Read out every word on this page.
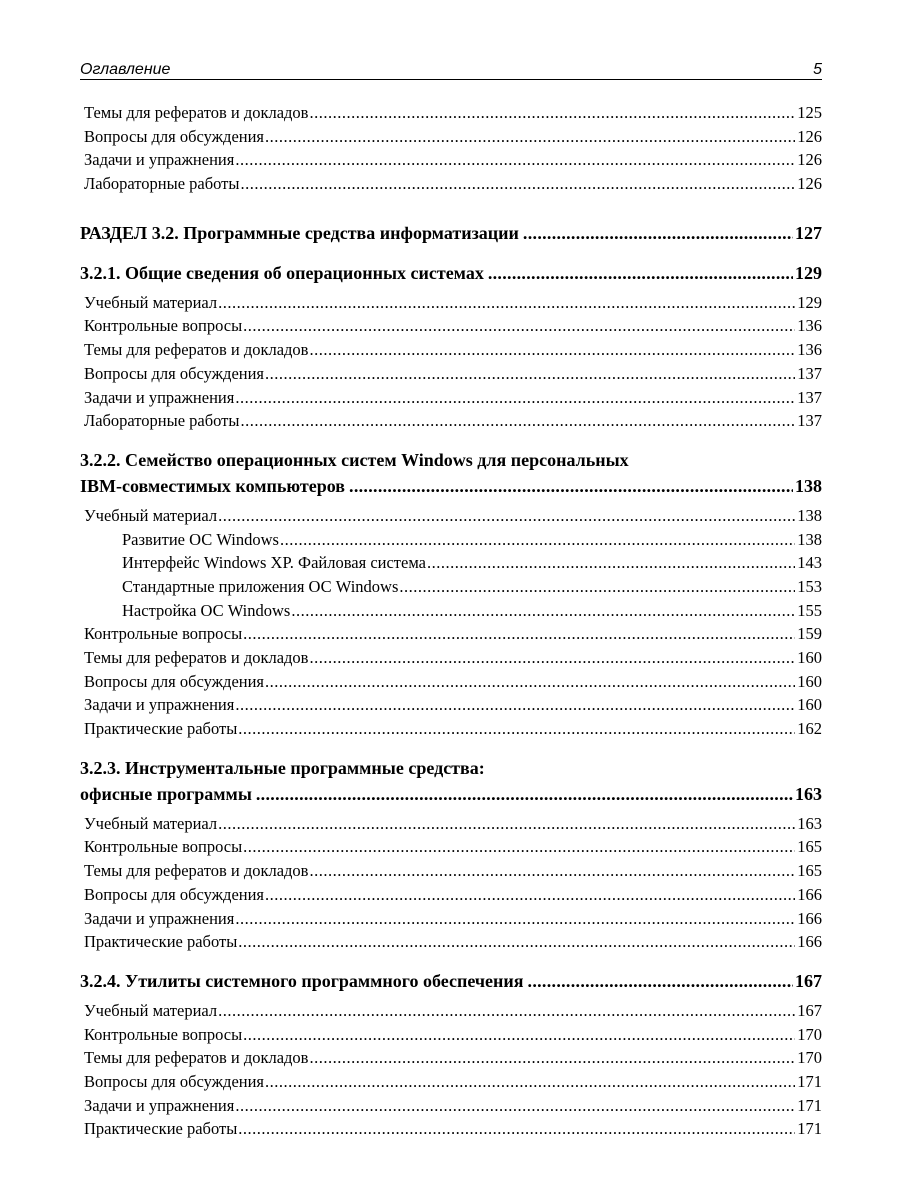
Оглавление	5
Темы для рефератов и докладов .....	125
Вопросы для обсуждения .....	126
Задачи и упражнения .....	126
Лабораторные работы .....	126
РАЗДЕЛ 3.2. Программные средства информатизации .....	127
3.2.1. Общие сведения об операционных системах .....	129
Учебный материал .....	129
Контрольные вопросы .....	136
Темы для рефератов и докладов .....	136
Вопросы для обсуждения .....	137
Задачи и упражнения .....	137
Лабораторные работы .....	137
3.2.2. Семейство операционных систем Windows для персональных
IBM-совместимых компьютеров .....	138
Учебный материал .....	138
Развитие ОС Windows .....	138
Интерфейс Windows XP. Файловая система .....	143
Стандартные приложения ОС Windows .....	153
Настройка ОС Windows .....	155
Контрольные вопросы .....	159
Темы для рефератов и докладов .....	160
Вопросы для обсуждения .....	160
Задачи и упражнения .....	160
Практические работы .....	162
3.2.3. Инструментальные программные средства:
офисные программы .....	163
Учебный материал .....	163
Контрольные вопросы .....	165
Темы для рефератов и докладов .....	165
Вопросы для обсуждения .....	166
Задачи и упражнения .....	166
Практические работы .....	166
3.2.4. Утилиты системного программного обеспечения .....	167
Учебный материал .....	167
Контрольные вопросы .....	170
Темы для рефератов и докладов .....	170
Вопросы для обсуждения .....	171
Задачи и упражнения .....	171
Практические работы .....	171
